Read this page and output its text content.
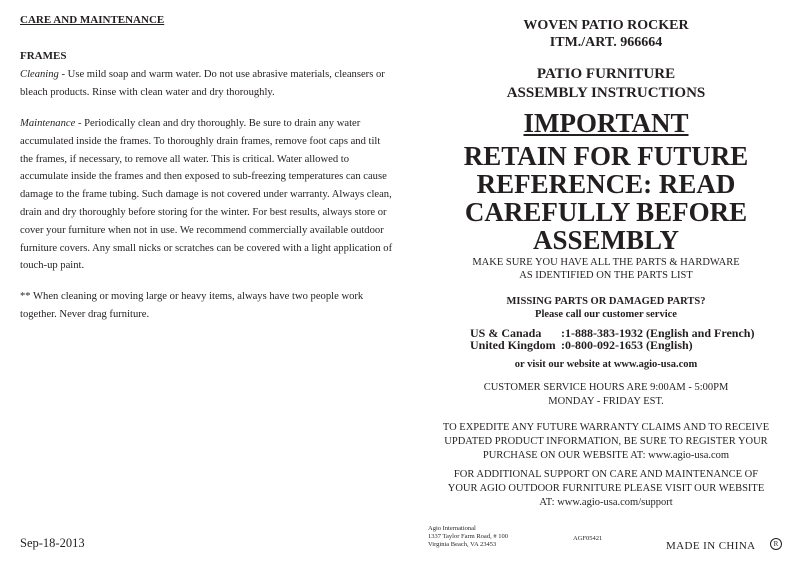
CARE AND MAINTENANCE
FRAMES

Cleaning - Use mild soap and warm water. Do not use abrasive materials, cleansers or bleach products. Rinse with clean water and dry thoroughly.

Maintenance - Periodically clean and dry thoroughly. Be sure to drain any water accumulated inside the frames. To thoroughly drain frames, remove foot caps and tilt the frames, if necessary, to remove all water. This is critical. Water allowed to accumulate inside the frames and then exposed to sub-freezing temperatures can cause damage to the frame tubing. Such damage is not covered under warranty. Always clean, drain and dry thoroughly before storing for the winter. For best results, always store or cover your furniture when not in use. We recommend commercially available outdoor furniture covers. Any small nicks or scratches can be covered with a light application of touch-up paint.

** When cleaning or moving large or heavy items, always have two people work together. Never drag furniture.

Sep-18-2013
WOVEN PATIO ROCKER
ITM./ART. 966664
PATIO FURNITURE
ASSEMBLY INSTRUCTIONS
IMPORTANT
RETAIN FOR FUTURE REFERENCE: READ CAREFULLY BEFORE ASSEMBLY
MAKE SURE YOU HAVE ALL THE PARTS & HARDWARE
AS IDENTIFIED ON THE PARTS LIST
MISSING PARTS OR DAMAGED PARTS?
Please call our customer service
US & Canada	:1-888-383-1932 (English and French)
United Kingdom	:0-800-092-1653 (English)
or visit our website at www.agio-usa.com
CUSTOMER SERVICE HOURS ARE 9:00AM - 5:00PM
MONDAY - FRIDAY EST.
TO EXPEDITE ANY FUTURE WARRANTY CLAIMS AND TO RECEIVE
UPDATED PRODUCT INFORMATION, BE SURE TO REGISTER YOUR
PURCHASE ON OUR WEBSITE AT: www.agio-usa.com
FOR ADDITIONAL SUPPORT ON CARE AND MAINTENANCE OF
YOUR AGIO OUTDOOR FURNITURE PLEASE VISIT OUR WEBSITE
AT: www.agio-usa.com/support
Agio International
1337 Taylor Farm Road, # 100
Virginia Beach, VA 23453
AGF05421
MADE IN CHINA	R
